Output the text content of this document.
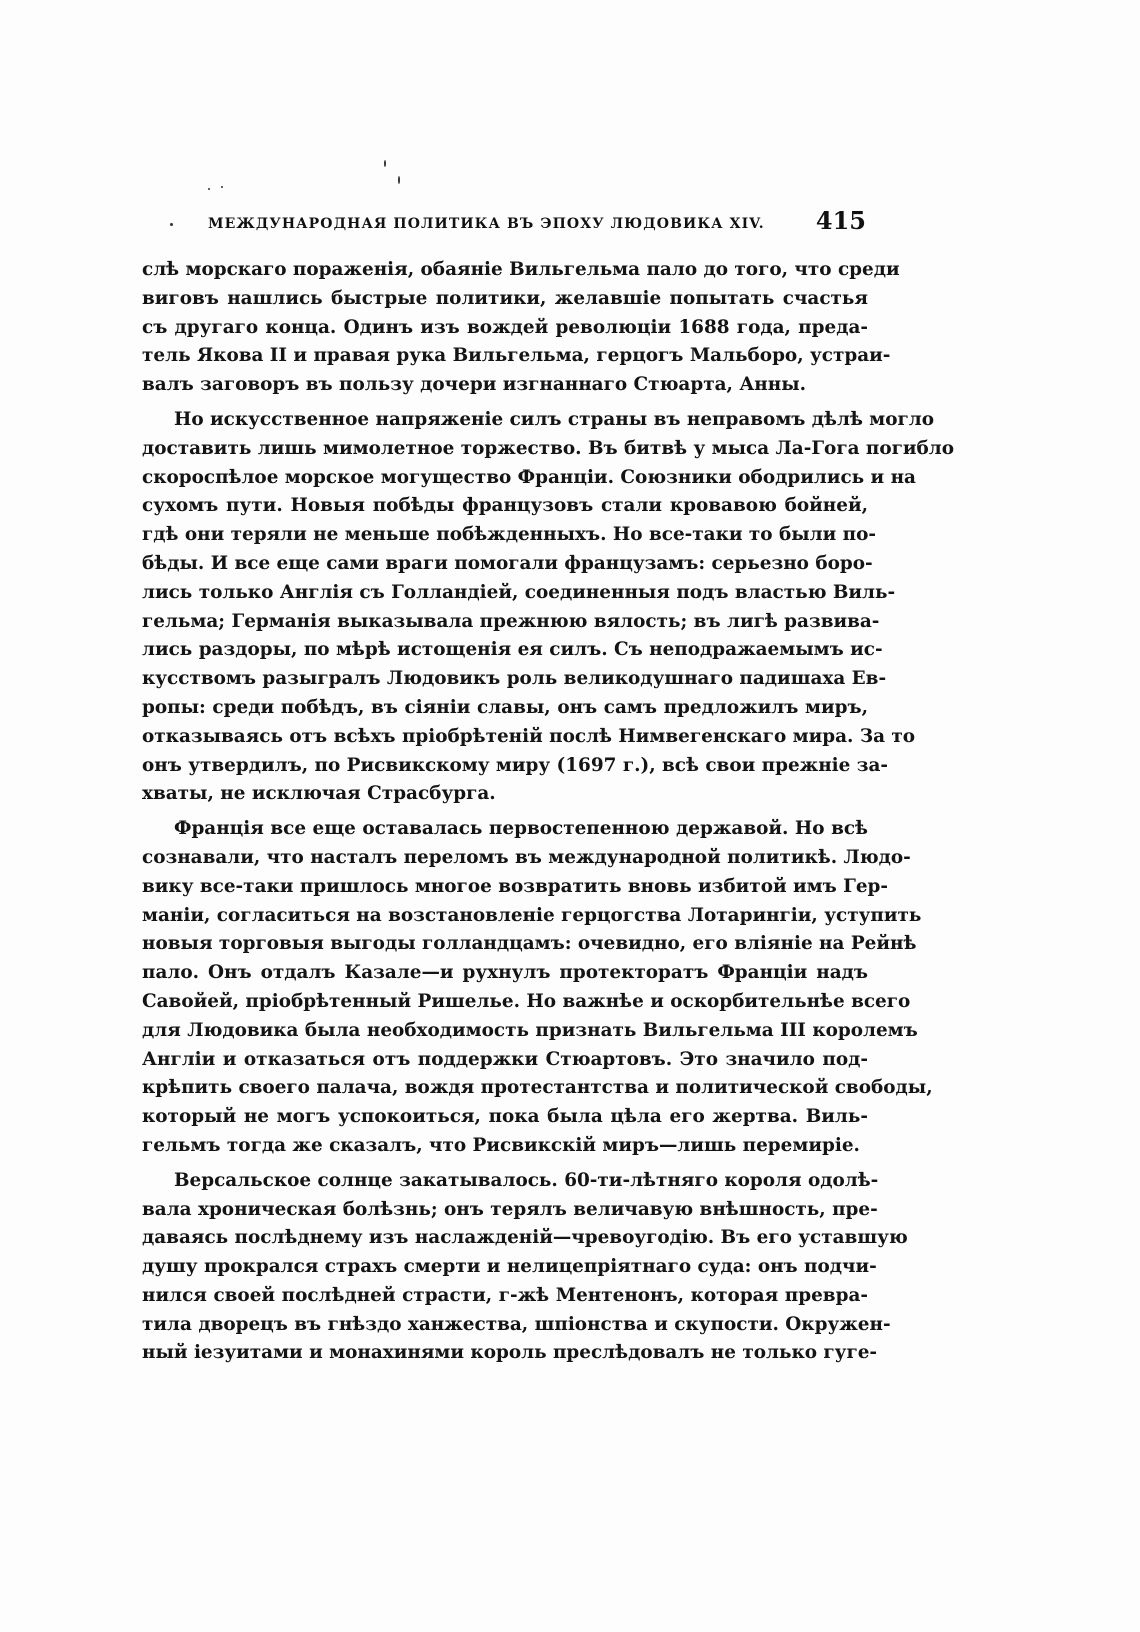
МЕЖДУНАРОДНАЯ ПОЛИТИКА ВЪ ЭПОХУ ЛЮДОВИКА XIV. 415
слѣ морскаго пораженія, обаяніе Вильгельма пало до того, что среди
виговъ нашлись быстрые политики, желавшіе попытать счастья
съ другаго конца. Одинъ изъ вождей революціи 1688 года, преда-
тель Якова II и правая рука Вильгельма, герцогъ Мальборо, устраи-
валъ заговоръ въ пользу дочери изгнаннаго Стюарта, Анны.
Но искусственное напряженіе силъ страны въ неправомъ дѣлѣ могло
доставить лишь мимолетное торжество. Въ битвѣ у мыса Ла-Гога погибло
скороспѣлое морское могущество Франціи. Союзники ободрились и на
сухомъ пути. Новыя побѣды французовъ стали кровавою бойней,
гдѣ они теряли не меньше побѣжденныхъ. Но все-таки то были по-
бѣды. И все еще сами враги помогали французамъ: серьезно боро-
лись только Англія съ Голландіей, соединенныя подъ властью Виль-
гельма; Германія выказывала прежнюю вялость; въ лигѣ развива-
лись раздоры, по мѣрѣ истощенія ея силъ. Съ неподражаемымъ ис-
кусствомъ разыгралъ Людовикъ роль великодушнаго падишаха Ев-
ропы: среди побѣдъ, въ сіяніи славы, онъ самъ предложилъ миръ,
отказываясь отъ всѣхъ пріобрѣтеній послѣ Нимвегенскаго мира. За то
онъ утвердилъ, по Рисвикскому миру (1697 г.), всѣ свои прежніе за-
хваты, не исключая Страсбурга.
Франція все еще оставалась первостепенною державой. Но всѣ
сознавали, что насталъ переломъ въ международной политикѣ. Людо-
вику все-таки пришлось многое возвратить вновь избитой имъ Гер-
маніи, согласиться на возстановленіе герцогства Лотарингіи, уступить
новыя торговыя выгоды голландцамъ: очевидно, его вліяніе на Рейнѣ
пало. Онъ отдалъ Казале—и рухнулъ протекторатъ Франціи надъ
Савойей, пріобрѣтенный Ришелье. Но важнѣе и оскорбительнѣе всего
для Людовика была необходимость признать Вильгельма III королемъ
Англіи и отказаться отъ поддержки Стюартовъ. Это значило под-
крѣпить своего палача, вождя протестантства и политической свободы,
который не могъ успокоиться, пока была цѣла его жертва. Виль-
гельмъ тогда же сказалъ, что Рисвикскій миръ—лишь перемиріе.
Версальское солнце закатывалось. 60-ти-лѣтняго короля одолѣ-
вала хроническая болѣзнь; онъ терялъ величавую внѣшность, пре-
даваясь послѣднему изъ наслажденій—чревоугодію. Въ его уставшую
душу прокрался страхъ смерти и нелицепріятнаго суда: онъ подчи-
нился своей послѣдней страсти, г-жѣ Ментенонъ, которая превра-
тила дворецъ въ гнѣздо ханжества, шпіонства и скупости. Окружен-
ный іезуитами и монахинями король преслѣдовалъ не только гуге-
